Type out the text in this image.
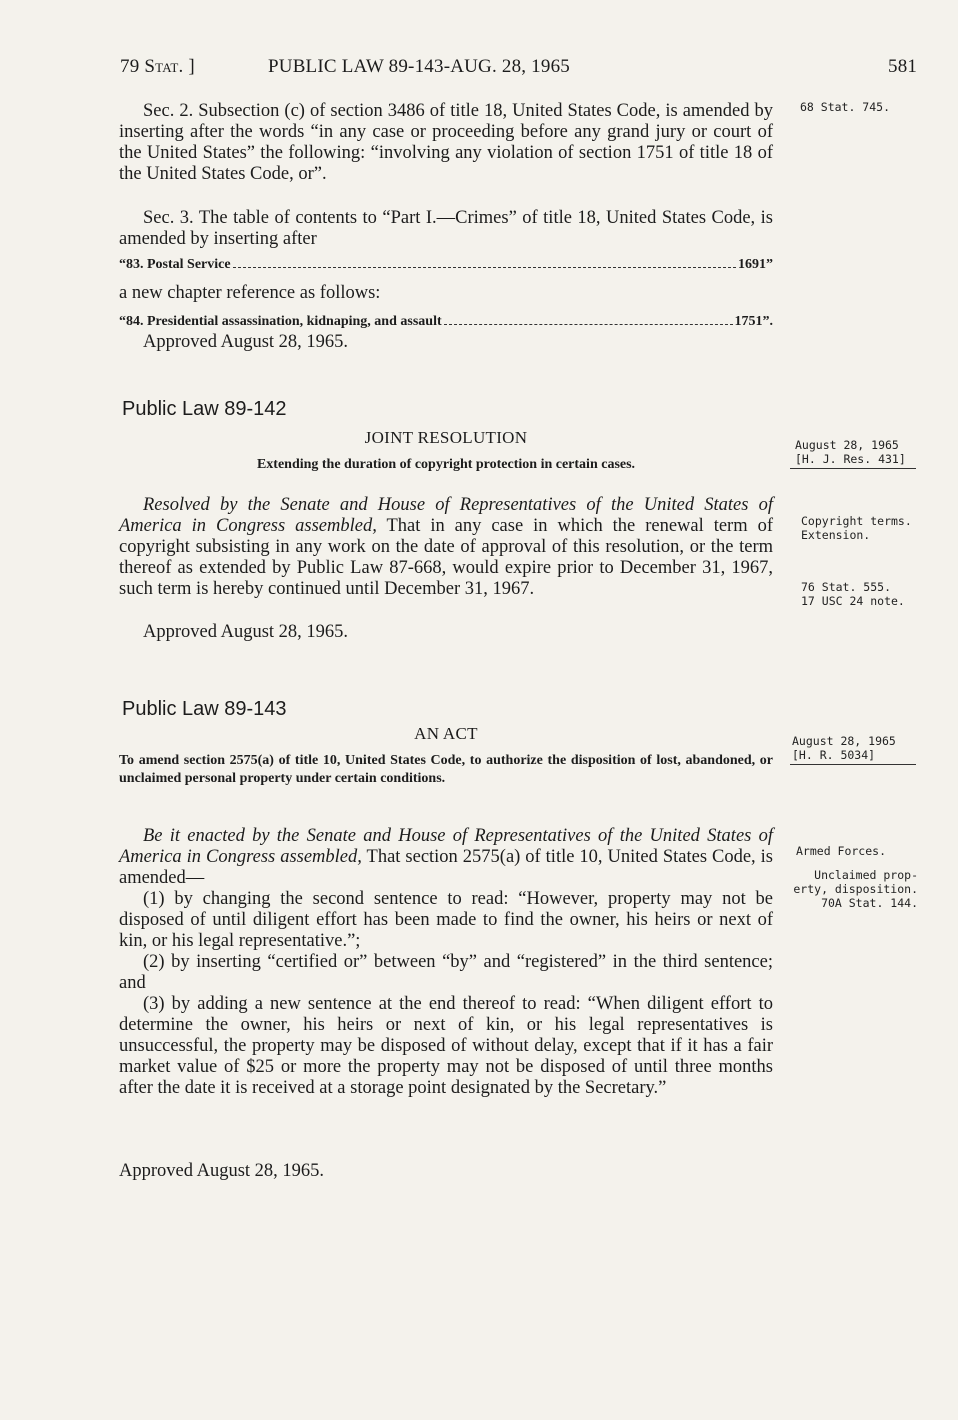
79 Stat. ]	PUBLIC LAW 89-143-AUG. 28, 1965	581

Sec. 2. Subsection (c) of section 3486 of title 18, United States Code, is amended by inserting after the words “in any case or proceeding before any grand jury or court of the United States” the following: “involving any violation of section 1751 of title 18 of the United States Code, or”.

Sec. 3. The table of contents to “Part I.—Crimes” of title 18, United States Code, is amended by inserting after

“83. Postal Service	1691”
a new chapter reference as follows:
“84. Presidential assassination, kidnaping, and assault	1751”.
Approved August 28, 1965.
Public Law 89-142
JOINT RESOLUTION
Extending the duration of copyright protection in certain cases.

Resolved by the Senate and House of Representatives of the United States of America in Congress assembled, That in any case in which the renewal term of copyright subsisting in any work on the date of approval of this resolution, or the term thereof as extended by Public Law 87-668, would expire prior to December 31, 1967, such term is hereby continued until December 31, 1967.

Approved August 28, 1965.
Public Law 89-143
AN ACT
To amend section 2575(a) of title 10, United States Code, to authorize the disposition of lost, abandoned, or unclaimed personal property under certain conditions.

Be it enacted by the Senate and House of Representatives of the United States of America in Congress assembled, That section 2575(a) of title 10, United States Code, is amended—

(1) by changing the second sentence to read: “However, property may not be disposed of until diligent effort has been made to find the owner, his heirs or next of kin, or his legal representative.”;

(2) by inserting “certified or” between “by” and “registered” in the third sentence; and

(3) by adding a new sentence at the end thereof to read: “When diligent effort to determine the owner, his heirs or next of kin, or his legal representatives is unsuccessful, the property may be disposed of without delay, except that if it has a fair market value of $25 or more the property may not be disposed of until three months after the date it is received at a storage point designated by the Secretary.”

Approved August 28, 1965.
68 Stat. 745.
August 28, 1965
[H. J. Res. 431]
Copyright terms.
Extension.
76 Stat. 555.
17 USC 24 note.
August 28, 1965
[H. R. 5034]
Armed Forces.
Unclaimed prop-
erty, disposition.
70A Stat. 144.
